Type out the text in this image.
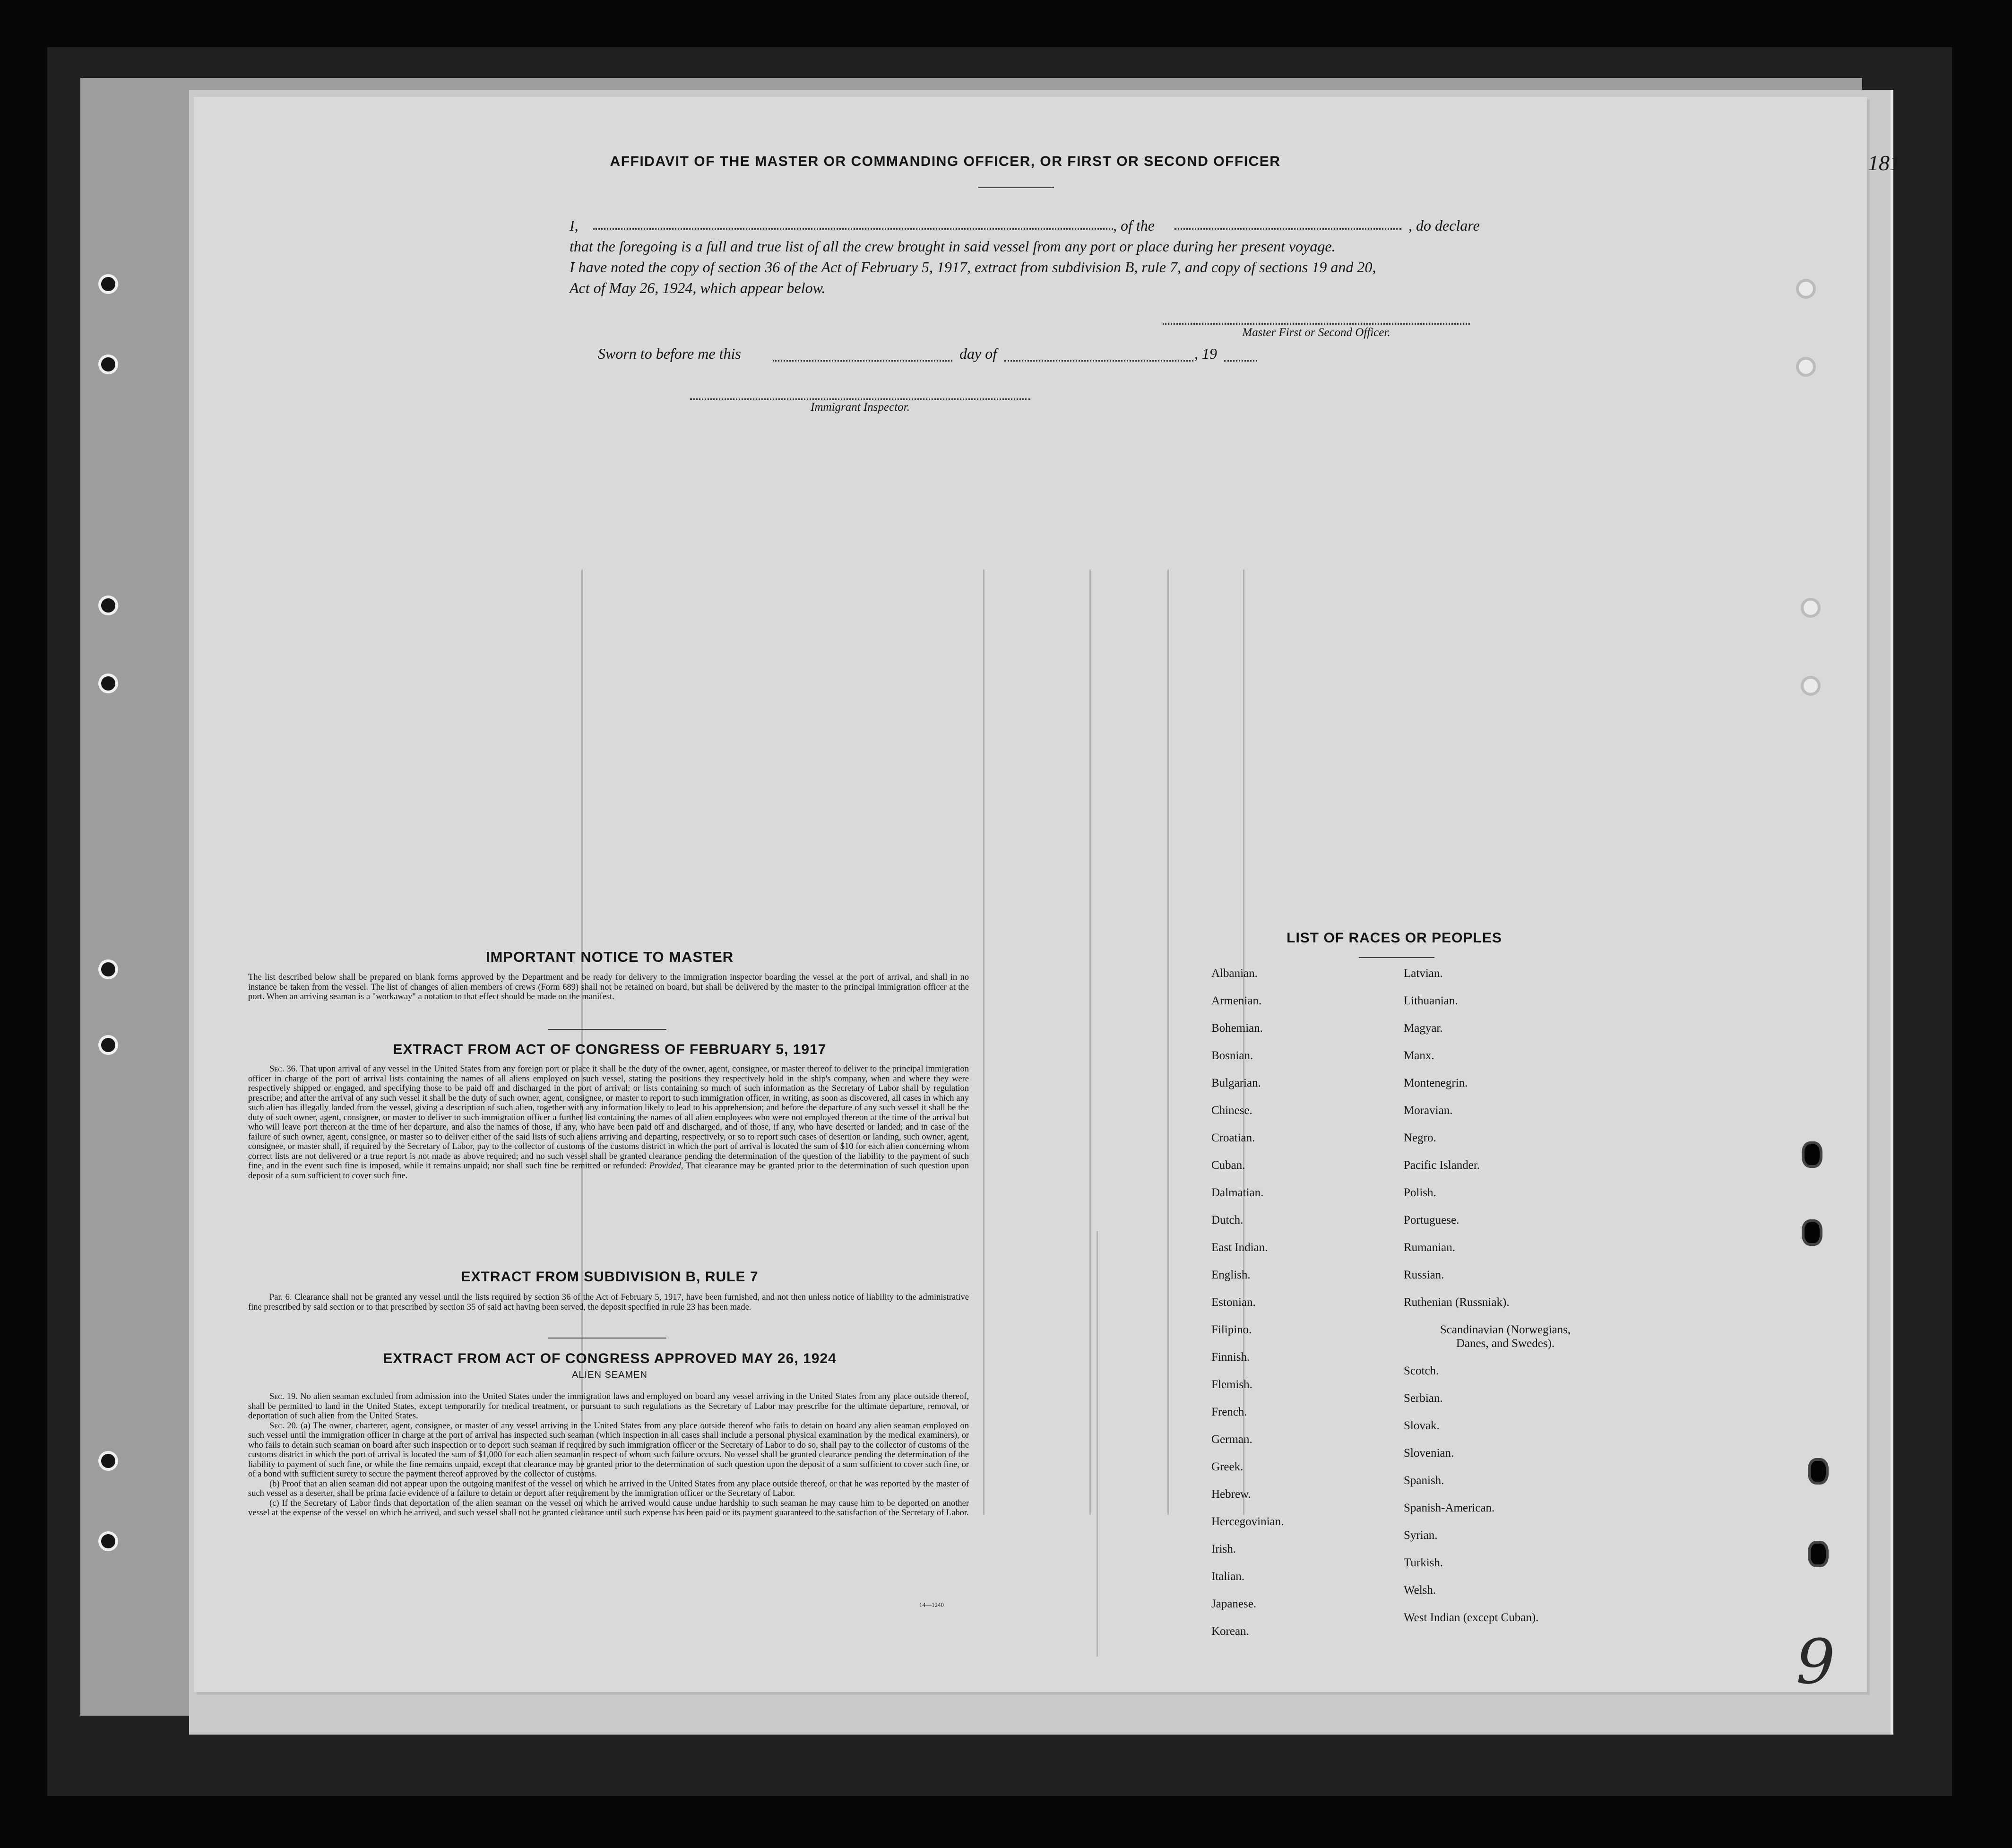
181
AFFIDAVIT OF THE MASTER OR COMMANDING OFFICER, OR FIRST OR SECOND OFFICER
I,	, of the	, do declare
that the foregoing is a full and true list of all the crew brought in said vessel from any port or place during her present voyage.
I have noted the copy of section 36 of the Act of February 5, 1917, extract from subdivision B, rule 7, and copy of sections 19 and 20,
Act of May 26, 1924, which appear below.
Master First or Second Officer.
Sworn to before me this	day of	, 19
Immigrant Inspector.
IMPORTANT NOTICE TO MASTER
The list described below shall be prepared on blank forms approved by the Department and be ready for delivery to the immigration inspector boarding the vessel at the port of arrival, and shall in no instance be taken from the vessel. The list of changes of alien members of crews (Form 689) shall not be retained on board, but shall be delivered by the master to the principal immigration officer at the port. When an arriving seaman is a "workaway" a notation to that effect should be made on the manifest.
EXTRACT FROM ACT OF CONGRESS OF FEBRUARY 5, 1917
Sec. 36. That upon arrival of any vessel in the United States from any foreign port or place it shall be the duty of the owner, agent, consignee, or master thereof to deliver to the principal immigration officer in charge of the port of arrival lists containing the names of all aliens employed on such vessel, stating the positions they respectively hold in the ship's company, when and where they were respectively shipped or engaged, and specifying those to be paid off and discharged in the port of arrival; or lists containing so much of such information as the Secretary of Labor shall by regulation prescribe; and after the arrival of any such vessel it shall be the duty of such owner, agent, consignee, or master to report to such immigration officer, in writing, as soon as discovered, all cases in which any such alien has illegally landed from the vessel, giving a description of such alien, together with any information likely to lead to his apprehension; and before the departure of any such vessel it shall be the duty of such owner, agent, consignee, or master to deliver to such immigration officer a further list containing the names of all alien employees who were not employed thereon at the time of the arrival but who will leave port thereon at the time of her departure, and also the names of those, if any, who have been paid off and discharged, and of those, if any, who have deserted or landed; and in case of the failure of such owner, agent, consignee, or master so to deliver either of the said lists of such aliens arriving and departing, respectively, or so to report such cases of desertion or landing, such owner, agent, consignee, or master shall, if required by the Secretary of Labor, pay to the collector of customs of the customs district in which the port of arrival is located the sum of $10 for each alien concerning whom correct lists are not delivered or a true report is not made as above required; and no such vessel shall be granted clearance pending the determination of the question of the liability to the payment of such fine, and in the event such fine is imposed, while it remains unpaid; nor shall such fine be remitted or refunded: Provided, That clearance may be granted prior to the determination of such question upon deposit of a sum sufficient to cover such fine.
EXTRACT FROM SUBDIVISION B, RULE 7
Par. 6. Clearance shall not be granted any vessel until the lists required by section 36 of the Act of February 5, 1917, have been furnished, and not then unless notice of liability to the administrative fine prescribed by said section or to that prescribed by section 35 of said act having been served, the deposit specified in rule 23 has been made.
EXTRACT FROM ACT OF CONGRESS APPROVED MAY 26, 1924
ALIEN SEAMEN
Sec. 19. No alien seaman excluded from admission into the United States under the immigration laws and employed on board any vessel arriving in the United States from any place outside thereof, shall be permitted to land in the United States, except temporarily for medical treatment, or pursuant to such regulations as the Secretary of Labor may prescribe for the ultimate departure, removal, or deportation of such alien from the United States.
Sec. 20. (a) The owner, charterer, agent, consignee, or master of any vessel arriving in the United States from any place outside thereof who fails to detain on board any alien seaman employed on such vessel until the immigration officer in charge at the port of arrival has inspected such seaman (which inspection in all cases shall include a personal physical examination by the medical examiners), or who fails to detain such seaman on board after such inspection or to deport such seaman if required by such immigration officer or the Secretary of Labor to do so, shall pay to the collector of customs of the customs district in which the port of arrival is located the sum of $1,000 for each alien seaman in respect of whom such failure occurs. No vessel shall be granted clearance pending the determination of the liability to payment of such fine, or while the fine remains unpaid, except that clearance may be granted prior to the determination of such question upon the deposit of a sum sufficient to cover such fine, or of a bond with sufficient surety to secure the payment thereof approved by the collector of customs.
(b) Proof that an alien seaman did not appear upon the outgoing manifest of the vessel on which he arrived in the United States from any place outside thereof, or that he was reported by the master of such vessel as a deserter, shall be prima facie evidence of a failure to detain or deport after requirement by the immigration officer or the Secretary of Labor.
(c) If the Secretary of Labor finds that deportation of the alien seaman on the vessel on which he arrived would cause undue hardship to such seaman he may cause him to be deported on another vessel at the expense of the vessel on which he arrived, and such vessel shall not be granted clearance until such expense has been paid or its payment guaranteed to the satisfaction of the Secretary of Labor.
14—1240
LIST OF RACES OR PEOPLES
Albanian.
Armenian.
Bohemian.
Bosnian.
Bulgarian.
Chinese.
Croatian.
Cuban.
Dalmatian.
Dutch.
East Indian.
English.
Estonian.
Filipino.
Finnish.
Flemish.
French.
German.
Greek.
Hebrew.
Hercegovinian.
Irish.
Italian.
Japanese.
Korean.
Latvian.
Lithuanian.
Magyar.
Manx.
Montenegrin.
Moravian.
Negro.
Pacific Islander.
Polish.
Portuguese.
Rumanian.
Russian.
Ruthenian (Russniak).
Scandinavian (Norwegians,
Danes, and Swedes).
Scotch.
Serbian.
Slovak.
Slovenian.
Spanish.
Spanish-American.
Syrian.
Turkish.
Welsh.
West Indian (except Cuban).
9
